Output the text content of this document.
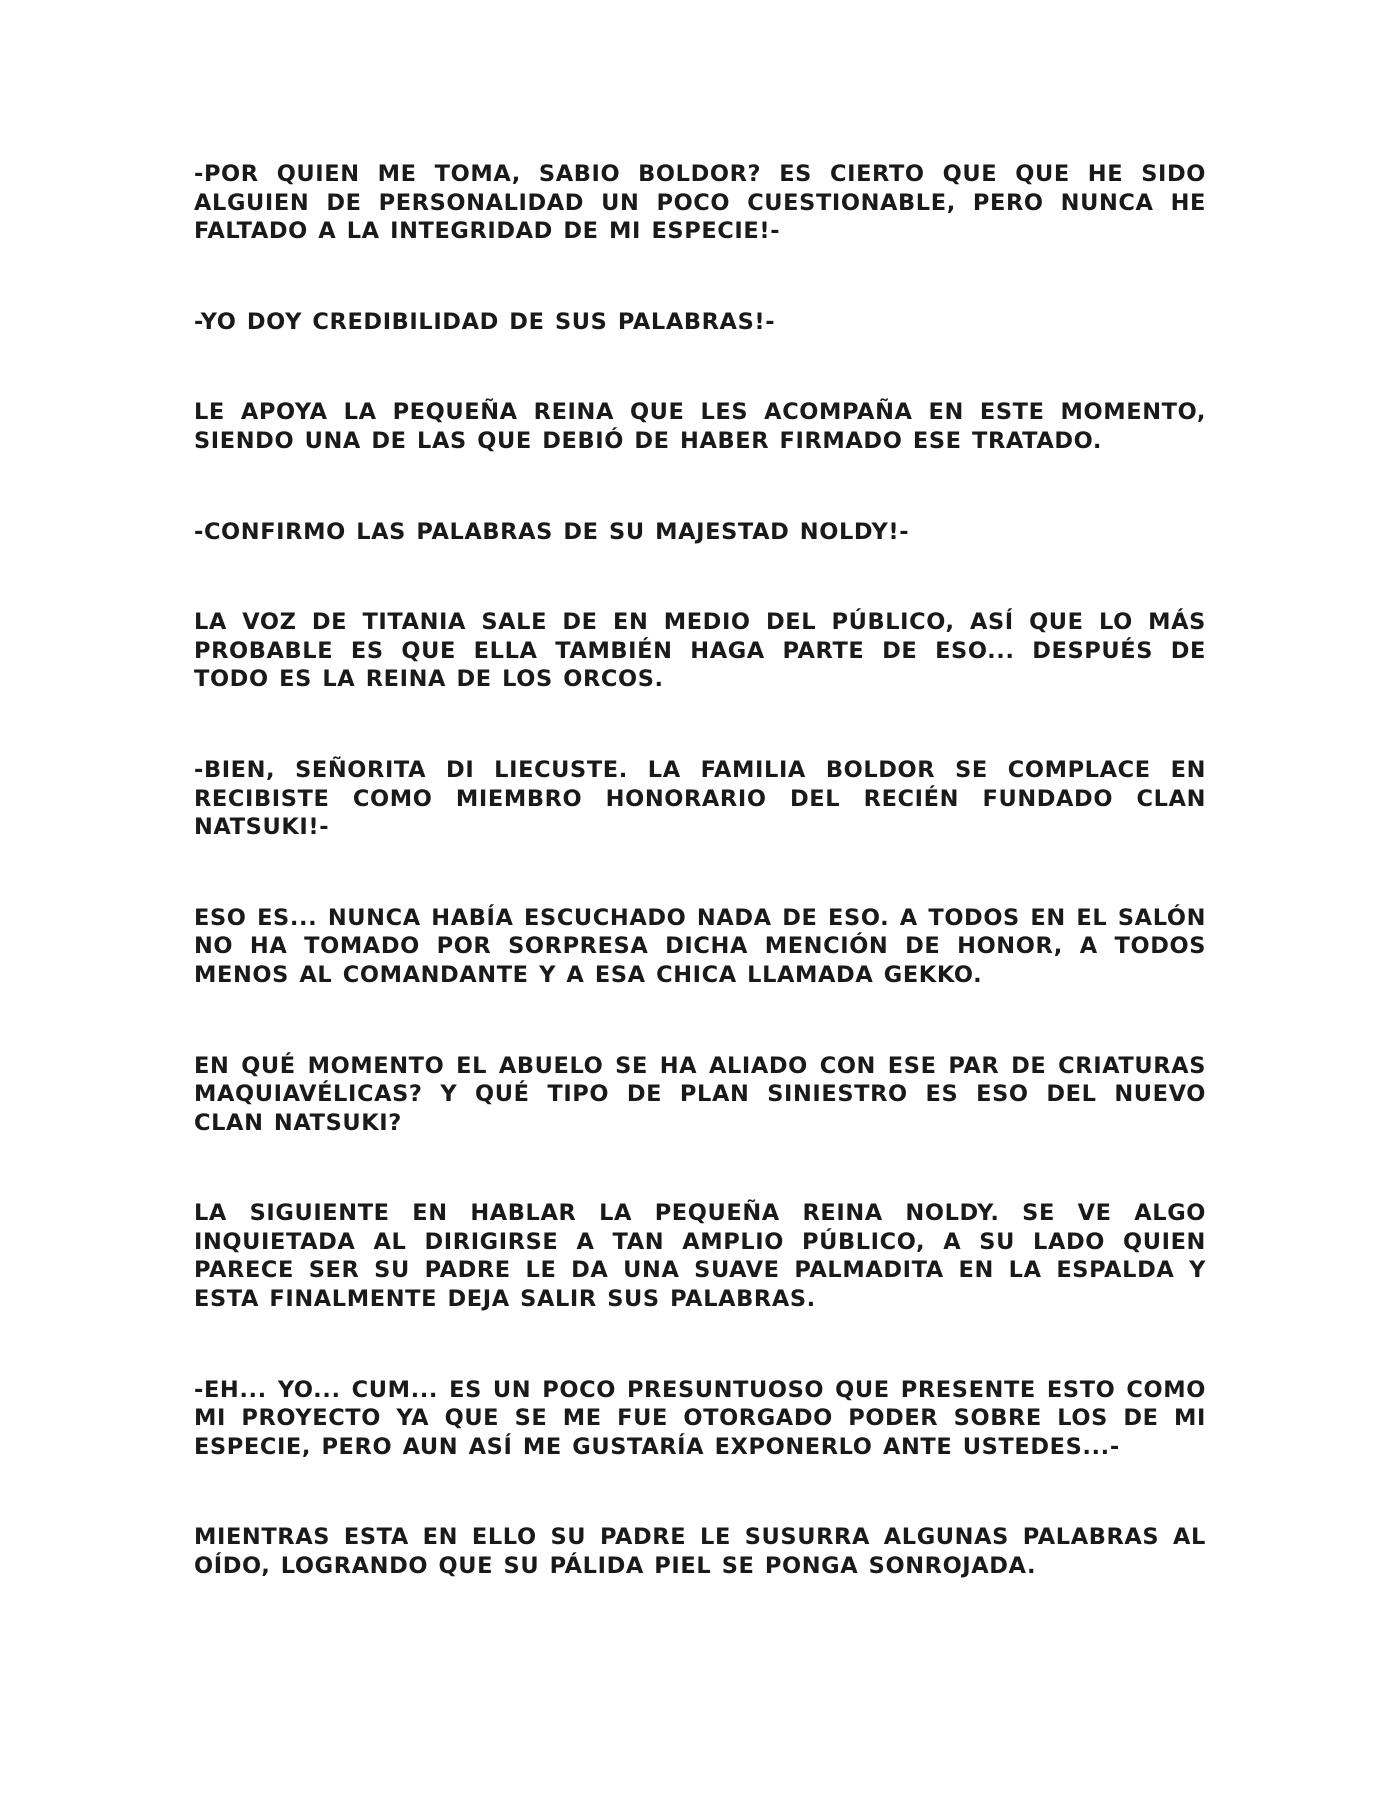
-POR QUIEN ME TOMA, SABIO BOLDOR? ES CIERTO QUE QUE HE SIDO ALGUIEN DE PERSONALIDAD UN POCO CUESTIONABLE, PERO NUNCA HE FALTADO A LA INTEGRIDAD DE MI ESPECIE!-

-YO DOY CREDIBILIDAD DE SUS PALABRAS!-

LE APOYA LA PEQUEÑA REINA QUE LES ACOMPAÑA EN ESTE MOMENTO, SIENDO UNA DE LAS QUE DEBIÓ DE HABER FIRMADO ESE TRATADO.

-CONFIRMO LAS PALABRAS DE SU MAJESTAD NOLDY!-

LA VOZ DE TITANIA SALE DE EN MEDIO DEL PÚBLICO, ASÍ QUE LO MÁS PROBABLE ES QUE ELLA TAMBIÉN HAGA PARTE DE ESO... DESPUÉS DE TODO ES LA REINA DE LOS ORCOS.

-BIEN, SEÑORITA DI LIECUSTE. LA FAMILIA BOLDOR SE COMPLACE EN RECIBISTE COMO MIEMBRO HONORARIO DEL RECIÉN FUNDADO CLAN NATSUKI!-

ESO ES... NUNCA HABÍA ESCUCHADO NADA DE ESO. A TODOS EN EL SALÓN NO HA TOMADO POR SORPRESA DICHA MENCIÓN DE HONOR, A TODOS MENOS AL COMANDANTE Y A ESA CHICA LLAMADA GEKKO.

EN QUÉ MOMENTO EL ABUELO SE HA ALIADO CON ESE PAR DE CRIATURAS MAQUIAVÉLICAS? Y QUÉ TIPO DE PLAN SINIESTRO ES ESO DEL NUEVO CLAN NATSUKI?

LA SIGUIENTE EN HABLAR LA PEQUEÑA REINA NOLDY. SE VE ALGO INQUIETADA AL DIRIGIRSE A TAN AMPLIO PÚBLICO, A SU LADO QUIEN PARECE SER SU PADRE LE DA UNA SUAVE PALMADITA EN LA ESPALDA Y ESTA FINALMENTE DEJA SALIR SUS PALABRAS.

-EH... YO... CUM... ES UN POCO PRESUNTUOSO QUE PRESENTE ESTO COMO MI PROYECTO YA QUE SE ME FUE OTORGADO PODER SOBRE LOS DE MI ESPECIE, PERO AUN ASÍ ME GUSTARÍA EXPONERLO ANTE USTEDES...-

MIENTRAS ESTA EN ELLO SU PADRE LE SUSURRA ALGUNAS PALABRAS AL OÍDO, LOGRANDO QUE SU PÁLIDA PIEL SE PONGA SONROJADA.
